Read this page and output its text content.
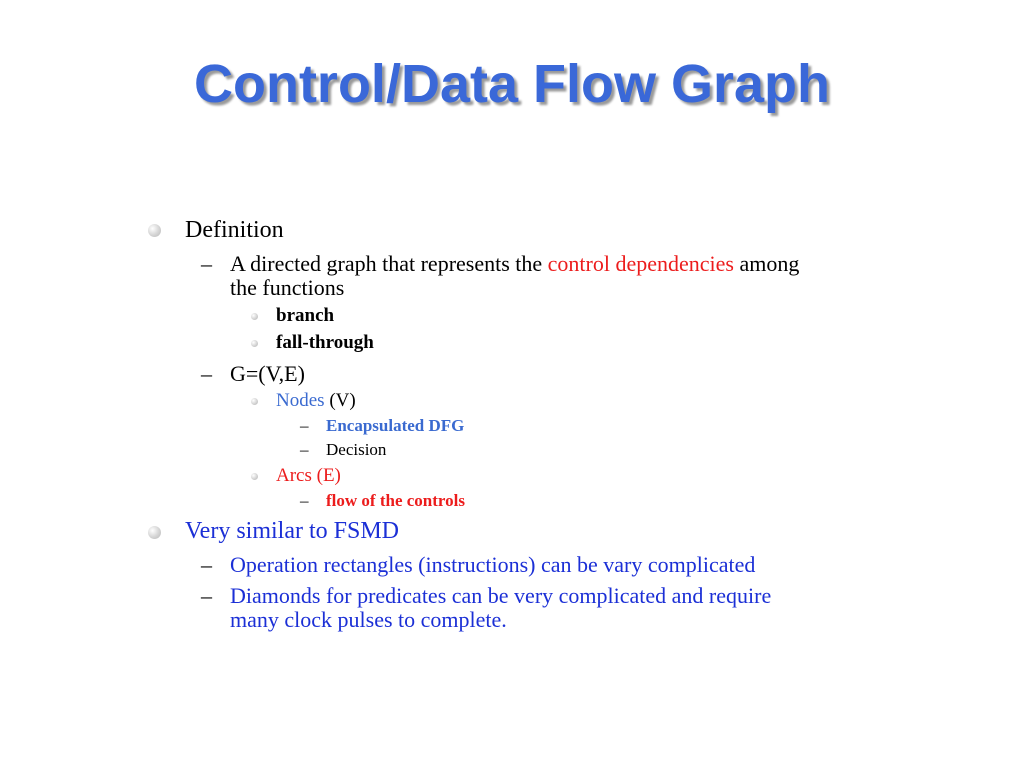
Control/Data Flow Graph
Definition
– A directed graph that represents the control dependencies among
the functions
branch
fall-through
– G=(V,E)
Nodes (V)
– Encapsulated DFG
– Decision
Arcs (E)
– flow of the controls
Very similar to FSMD
– Operation rectangles (instructions) can be vary complicated
– Diamonds for predicates can be very complicated and require
many clock pulses to complete.
